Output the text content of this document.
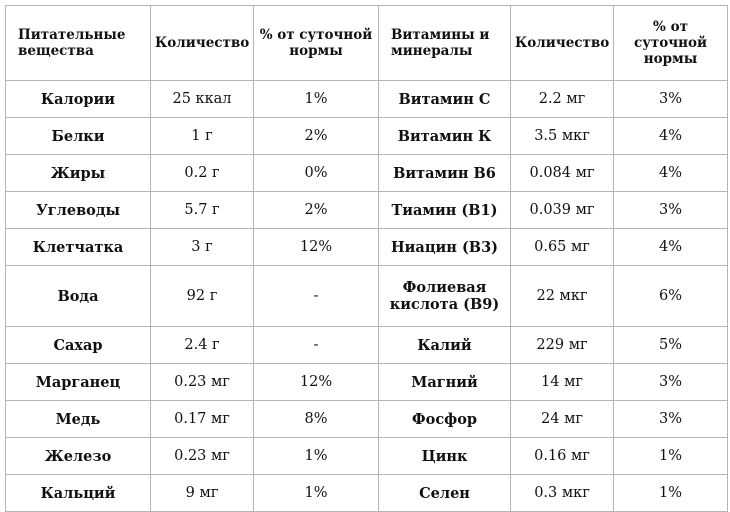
Питательные вещества	Количество	% от суточной нормы	Витамины и минералы	Количество	% от суточной нормы
Калории	25 ккал	1%	Витамин С	2.2 мг	3%
Белки	1 г	2%	Витамин К	3.5 мкг	4%
Жиры	0.2 г	0%	Витамин В6	0.084 мг	4%
Углеводы	5.7 г	2%	Тиамин (В1)	0.039 мг	3%
Клетчатка	3 г	12%	Ниацин (В3)	0.65 мг	4%
Вода	92 г	-	Фолиевая кислота (В9)	22 мкг	6%
Сахар	2.4 г	-	Калий	229 мг	5%
Марганец	0.23 мг	12%	Магний	14 мг	3%
Медь	0.17 мг	8%	Фосфор	24 мг	3%
Железо	0.23 мг	1%	Цинк	0.16 мг	1%
Кальций	9 мг	1%	Селен	0.3 мкг	1%
